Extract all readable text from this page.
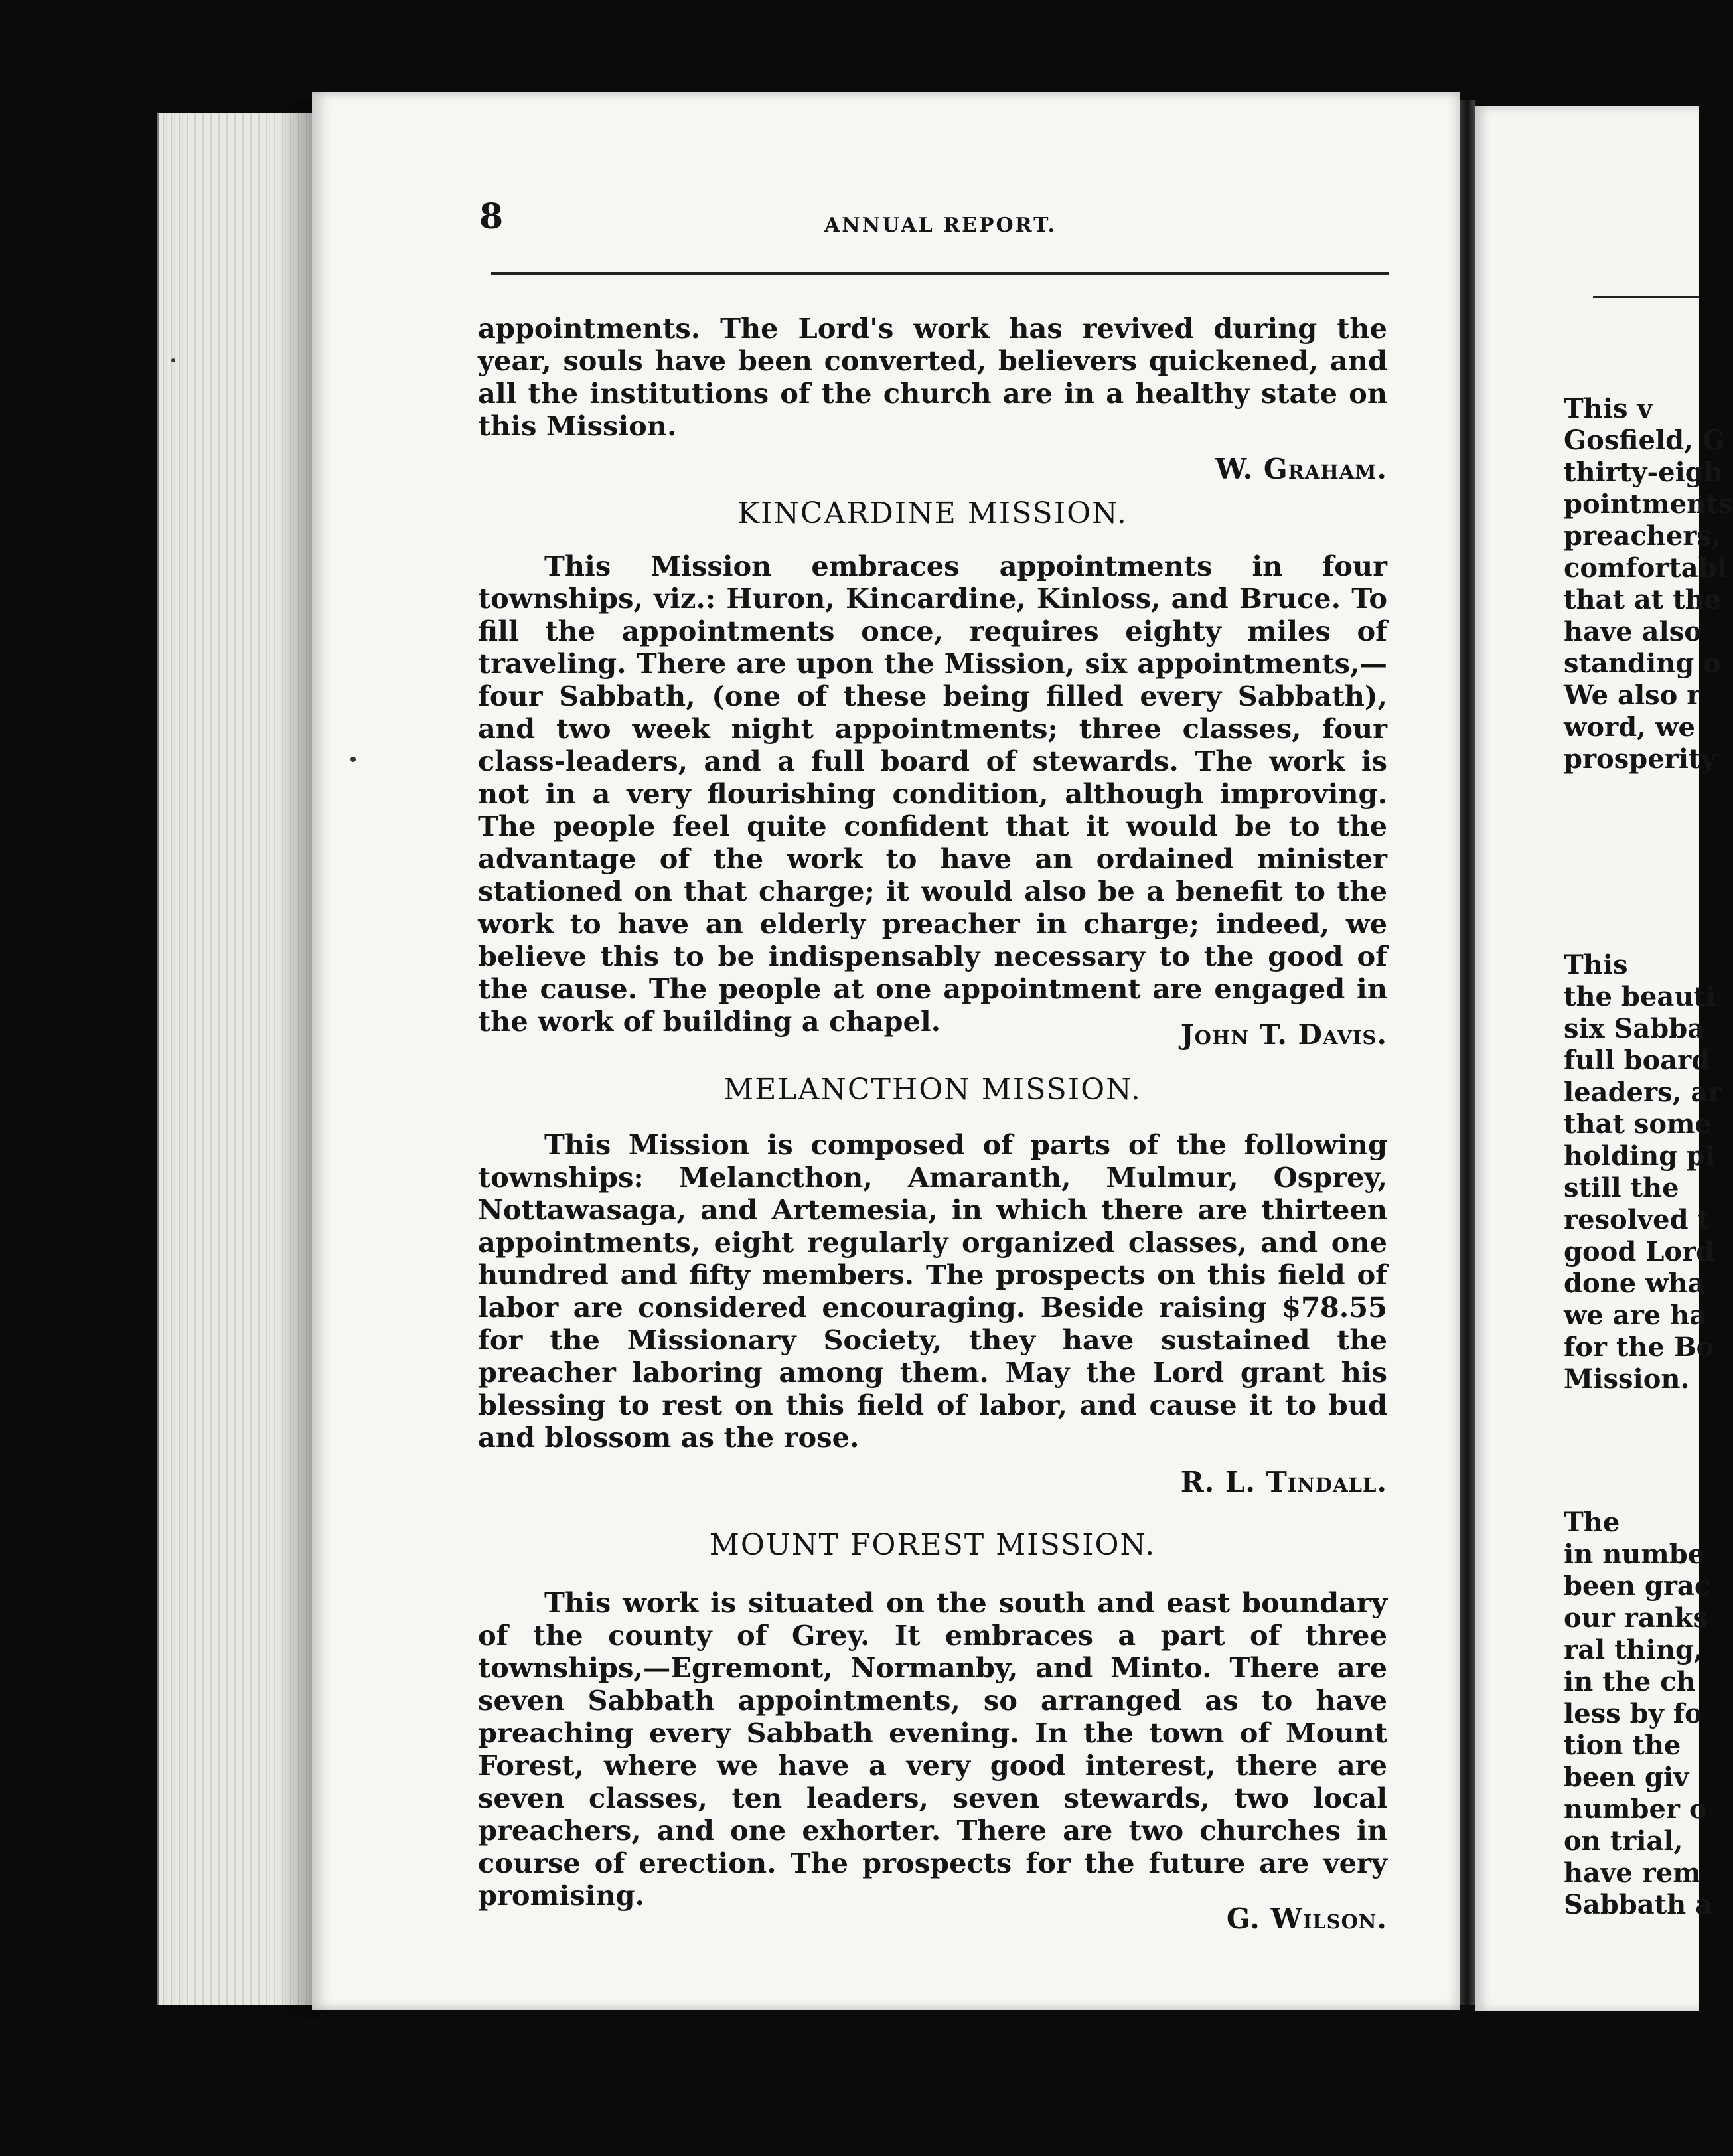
8	ANNUAL REPORT.

appointments. The Lord's work has revived during the year, souls have been converted, believers quickened, and all the institutions of the church are in a healthy state on this Mission.

W. Graham.
KINCARDINE MISSION.

This Mission embraces appointments in four townships, viz.: Huron, Kincardine, Kinloss, and Bruce. To fill the appointments once, requires eighty miles of traveling. There are upon the Mission, six appointments,—four Sabbath, (one of these being filled every Sabbath), and two week night appointments; three classes, four class-leaders, and a full board of stewards. The work is not in a very flourishing condition, although improving. The people feel quite confident that it would be to the advantage of the work to have an ordained minister stationed on that charge; it would also be a benefit to the work to have an elderly preacher in charge; indeed, we believe this to be indispensably necessary to the good of the cause. The people at one appointment are engaged in the work of building a chapel.	John T. Davis.
MELANCTHON MISSION.

This Mission is composed of parts of the following townships: Melancthon, Amaranth, Mulmur, Osprey, Nottawasaga, and Artemesia, in which there are thirteen appointments, eight regularly organized classes, and one hundred and fifty members. The prospects on this field of labor are considered encouraging. Beside raising $78.55 for the Missionary Society, they have sustained the preacher laboring among them. May the Lord grant his blessing to rest on this field of labor, and cause it to bud and blossom as the rose.

R. L. Tindall.
MOUNT FOREST MISSION.

This work is situated on the south and east boundary of the county of Grey. It embraces a part of three townships,—Egremont, Normanby, and Minto. There are seven Sabbath appointments, so arranged as to have preaching every Sabbath evening. In the town of Mount Forest, where we have a very good interest, there are seven classes, ten leaders, seven stewards, two local preachers, and one exhorter. There are two churches in course of erection. The prospects for the future are very promising.

G. Wilson.
This v
Gosfield, G
thirty-eigh
pointments
preachers,
comfortabl
that at the
have also
standing o
We also r
word, we
prosperity
This
the beauti
six Sabba
full board
leaders, ar
that some
holding pi
still the
resolved t
good Lord
done wha
we are ha
for the Bo
Mission.
The
in numbe
been grac
our ranks
ral thing,
in the ch
less by fo
tion the
been giv
number o
on trial,
have rem
Sabbath a
